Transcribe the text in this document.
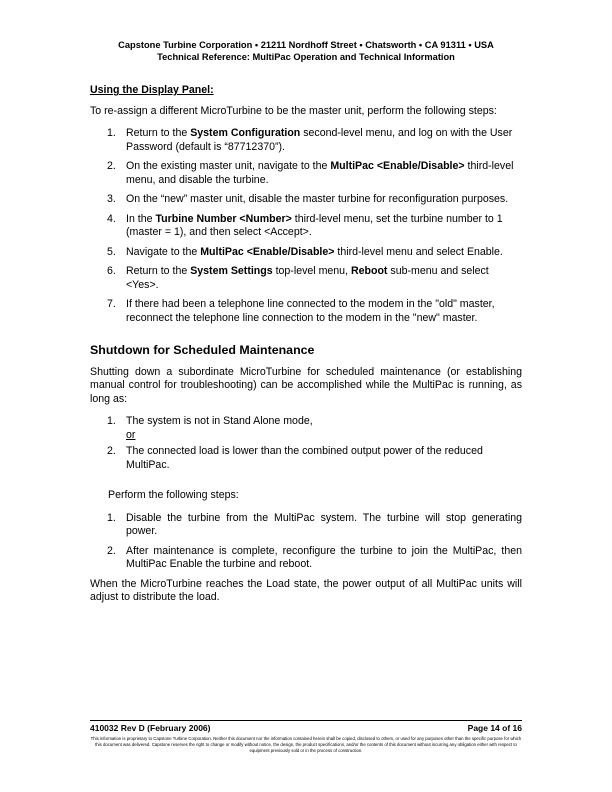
Capstone Turbine Corporation • 21211 Nordhoff Street • Chatsworth • CA 91311 • USA
Technical Reference: MultiPac Operation and Technical Information
Using the Display Panel:
To re-assign a different MicroTurbine to be the master unit, perform the following steps:
1. Return to the System Configuration second-level menu, and log on with the User Password (default is “87712370”).
2. On the existing master unit, navigate to the MultiPac <Enable/Disable> third-level menu, and disable the turbine.
3. On the “new” master unit, disable the master turbine for reconfiguration purposes.
4. In the Turbine Number <Number> third-level menu, set the turbine number to 1 (master = 1), and then select <Accept>.
5. Navigate to the MultiPac <Enable/Disable> third-level menu and select Enable.
6. Return to the System Settings top-level menu, Reboot sub-menu and select <Yes>.
7. If there had been a telephone line connected to the modem in the "old" master, reconnect the telephone line connection to the modem in the "new" master.
Shutdown for Scheduled Maintenance
Shutting down a subordinate MicroTurbine for scheduled maintenance (or establishing manual control for troubleshooting) can be accomplished while the MultiPac is running, as long as:
1. The system is not in Stand Alone mode,
or
2. The connected load is lower than the combined output power of the reduced MultiPac.
Perform the following steps:
1. Disable the turbine from the MultiPac system. The turbine will stop generating power.
2. After maintenance is complete, reconfigure the turbine to join the MultiPac, then MultiPac Enable the turbine and reboot.
When the MicroTurbine reaches the Load state, the power output of all MultiPac units will adjust to distribute the load.
410032 Rev D (February 2006)	Page 14 of 16
This information is proprietary to Capstone Turbine Corporation. Neither this document nor the information contained herein shall be copied, disclosed to others, or used for any purposes other than the specific purpose for which this document was delivered. Capstone reserves the right to change or modify without notice, the design, the product specifications, and/or the contents of this document without incurring any obligation either with respect to equipment previously sold or in the process of construction.
